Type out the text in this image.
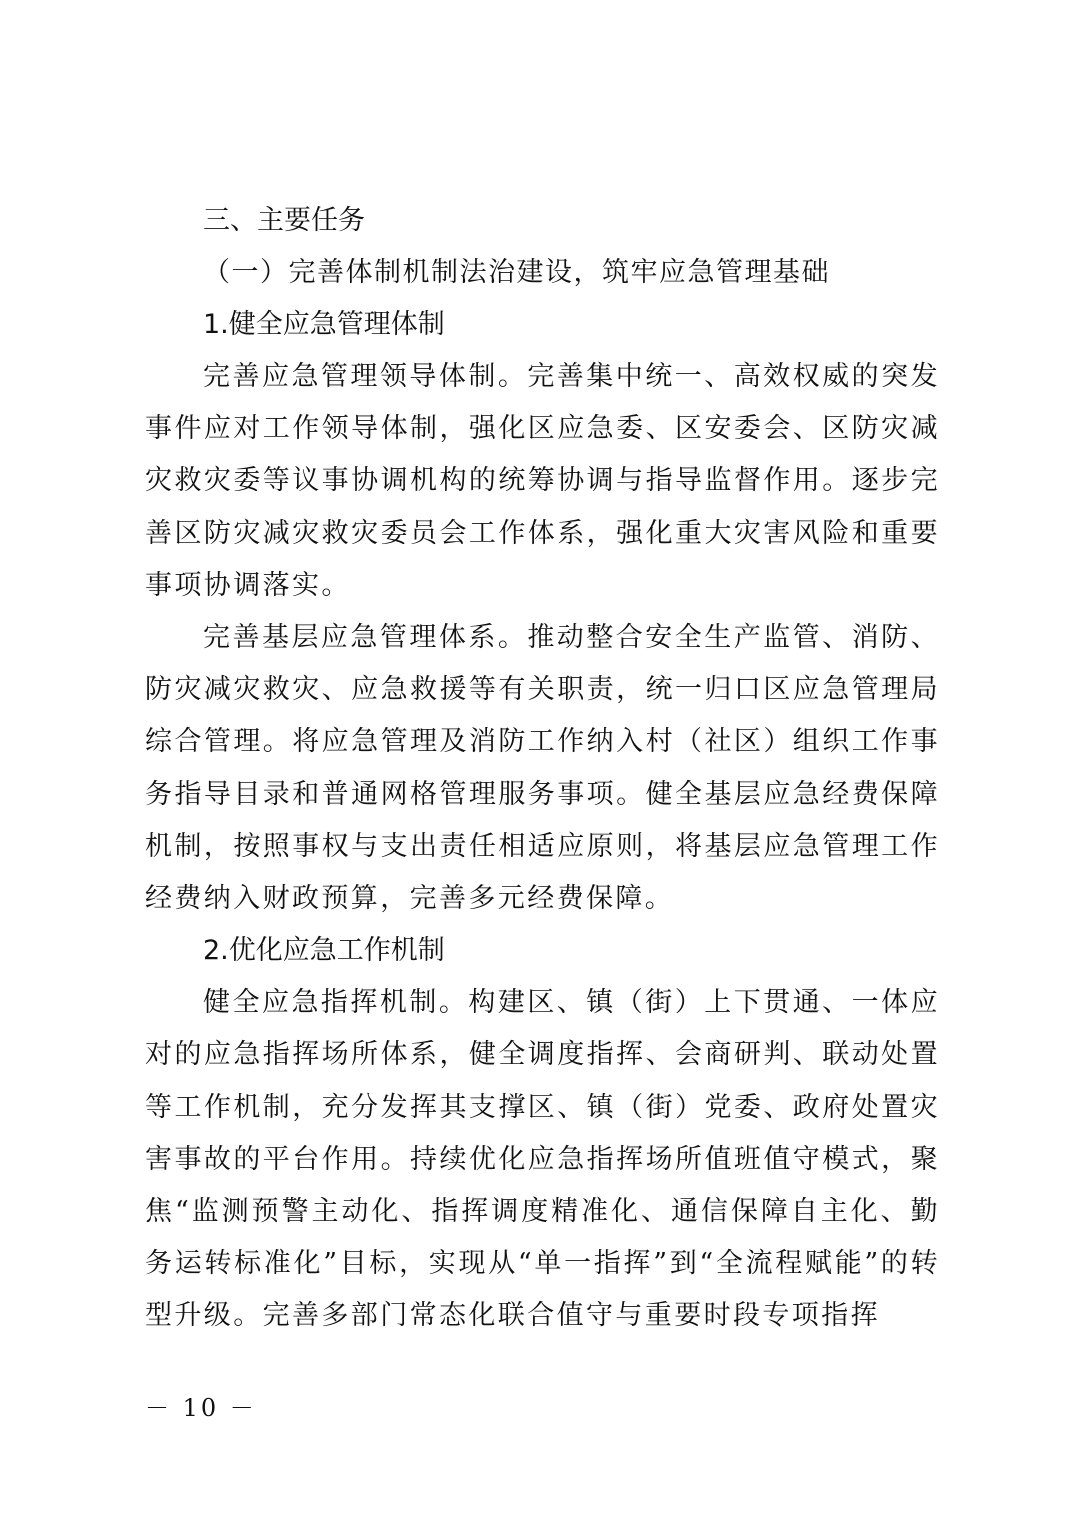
三、主要任务
（一）完善体制机制法治建设，筑牢应急管理基础
1.健全应急管理体制

完善应急管理领导体制。完善集中统一、高效权威的突发事件应对工作领导体制，强化区应急委、区安委会、区防灾减灾救灾委等议事协调机构的统筹协调与指导监督作用。逐步完善区防灾减灾救灾委员会工作体系，强化重大灾害风险和重要事项协调落实。

完善基层应急管理体系。推动整合安全生产监管、消防、防灾减灾救灾、应急救援等有关职责，统一归口区应急管理局综合管理。将应急管理及消防工作纳入村（社区）组织工作事务指导目录和普通网格管理服务事项。健全基层应急经费保障机制，按照事权与支出责任相适应原则，将基层应急管理工作经费纳入财政预算，完善多元经费保障。

2.优化应急工作机制

健全应急指挥机制。构建区、镇（街）上下贯通、一体应对的应急指挥场所体系，健全调度指挥、会商研判、联动处置等工作机制，充分发挥其支撑区、镇（街）党委、政府处置灾害事故的平台作用。持续优化应急指挥场所值班值守模式，聚焦“监测预警主动化、指挥调度精准化、通信保障自主化、勤务运转标准化”目标，实现从“单一指挥”到“全流程赋能”的转型升级。完善多部门常态化联合值守与重要时段专项指挥

－ 10 －
